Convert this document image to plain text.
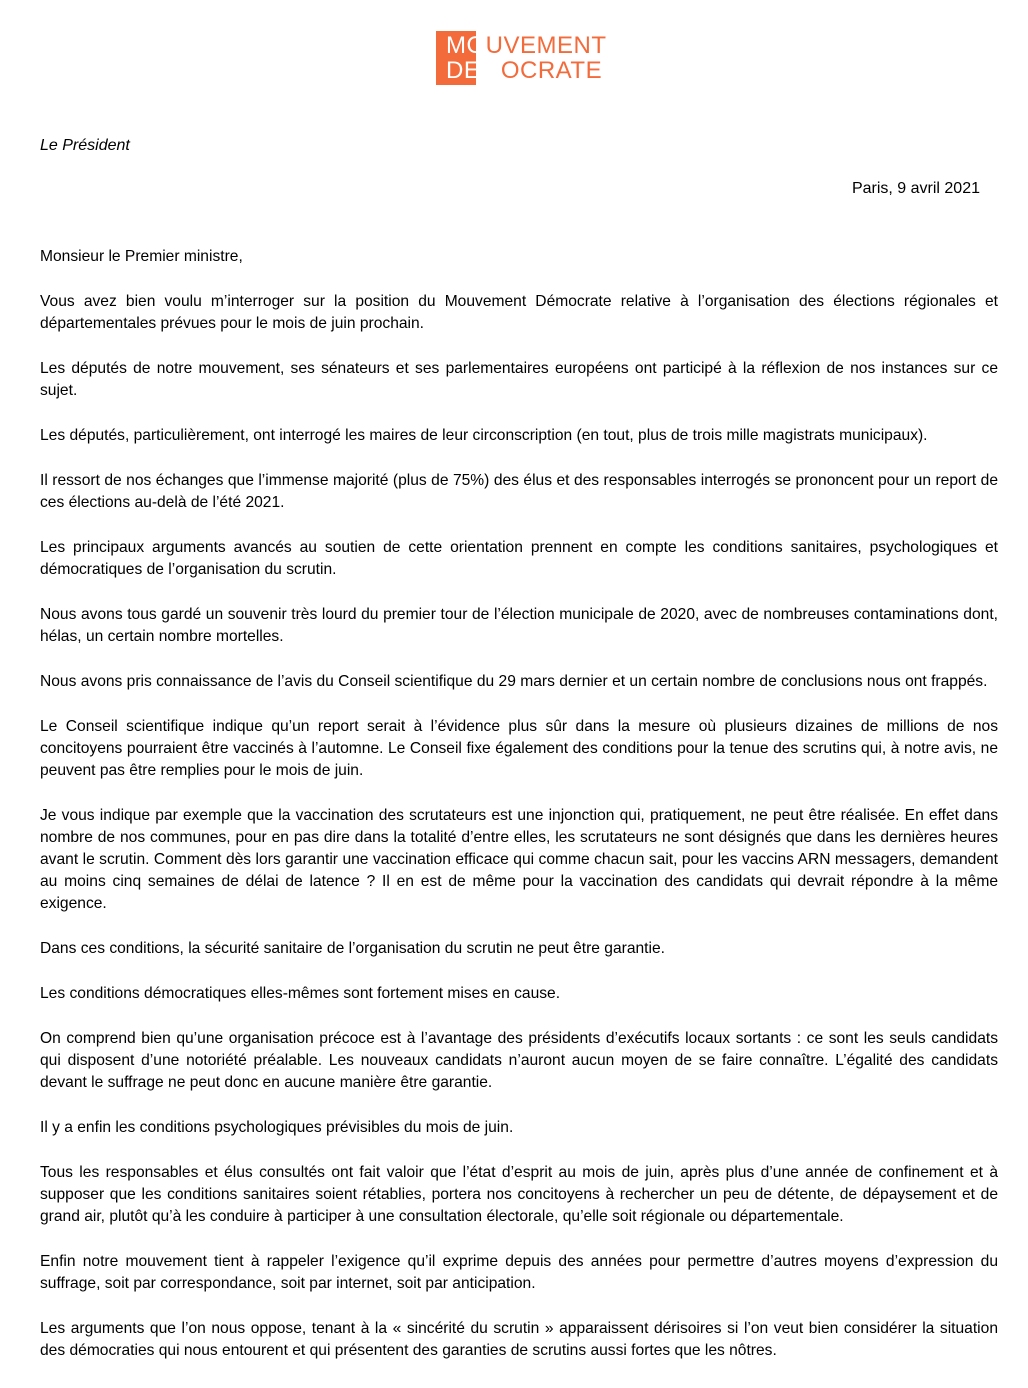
MOUVEMENT
DEMOCRATE
Le Président
Paris, 9 avril 2021

Monsieur le Premier ministre,

Vous avez bien voulu m’interroger sur la position du Mouvement Démocrate relative à l’organisation des élections régionales et départementales prévues pour le mois de juin prochain.

Les députés de notre mouvement, ses sénateurs et ses parlementaires européens ont participé à la réflexion de nos instances sur ce sujet.

Les députés, particulièrement, ont interrogé les maires de leur circonscription (en tout, plus de trois mille magistrats municipaux).

Il ressort de nos échanges que l’immense majorité (plus de 75%) des élus et des responsables interrogés se prononcent pour un report de ces élections au-delà de l’été 2021.

Les principaux arguments avancés au soutien de cette orientation prennent en compte les conditions sanitaires, psychologiques et démocratiques de l’organisation du scrutin.

Nous avons tous gardé un souvenir très lourd du premier tour de l’élection municipale de 2020, avec de nombreuses contaminations dont, hélas, un certain nombre mortelles.

Nous avons pris connaissance de l’avis du Conseil scientifique du 29 mars dernier et un certain nombre de conclusions nous ont frappés.

Le Conseil scientifique indique qu’un report serait à l’évidence plus sûr dans la mesure où plusieurs dizaines de millions de nos concitoyens pourraient être vaccinés à l’automne. Le Conseil fixe également des conditions pour la tenue des scrutins qui, à notre avis, ne peuvent pas être remplies pour le mois de juin.

Je vous indique par exemple que la vaccination des scrutateurs est une injonction qui, pratiquement, ne peut être réalisée. En effet dans nombre de nos communes, pour en pas dire dans la totalité d’entre elles, les scrutateurs ne sont désignés que dans les dernières heures avant le scrutin. Comment dès lors garantir une vaccination efficace qui comme chacun sait, pour les vaccins ARN messagers, demandent au moins cinq semaines de délai de latence ? Il en est de même pour la vaccination des candidats qui devrait répondre à la même exigence.

Dans ces conditions, la sécurité sanitaire de l’organisation du scrutin ne peut être garantie.

Les conditions démocratiques elles-mêmes sont fortement mises en cause.

On comprend bien qu’une organisation précoce est à l’avantage des présidents d’exécutifs locaux sortants : ce sont les seuls candidats qui disposent d’une notoriété préalable. Les nouveaux candidats n’auront aucun moyen de se faire connaître. L’égalité des candidats devant le suffrage ne peut donc en aucune manière être garantie.

Il y a enfin les conditions psychologiques prévisibles du mois de juin.

Tous les responsables et élus consultés ont fait valoir que l’état d’esprit au mois de juin, après plus d’une année de confinement et à supposer que les conditions sanitaires soient rétablies, portera nos concitoyens à rechercher un peu de détente, de dépaysement et de grand air, plutôt qu’à les conduire à participer à une consultation électorale, qu’elle soit régionale ou départementale.

Enfin notre mouvement tient à rappeler l’exigence qu’il exprime depuis des années pour permettre d’autres moyens d’expression du suffrage, soit par correspondance, soit par internet, soit par anticipation.

Les arguments que l’on nous oppose, tenant à la « sincérité du scrutin » apparaissent dérisoires si l’on veut bien considérer la situation des démocraties qui nous entourent et qui présentent des garanties de scrutins aussi fortes que les nôtres.
